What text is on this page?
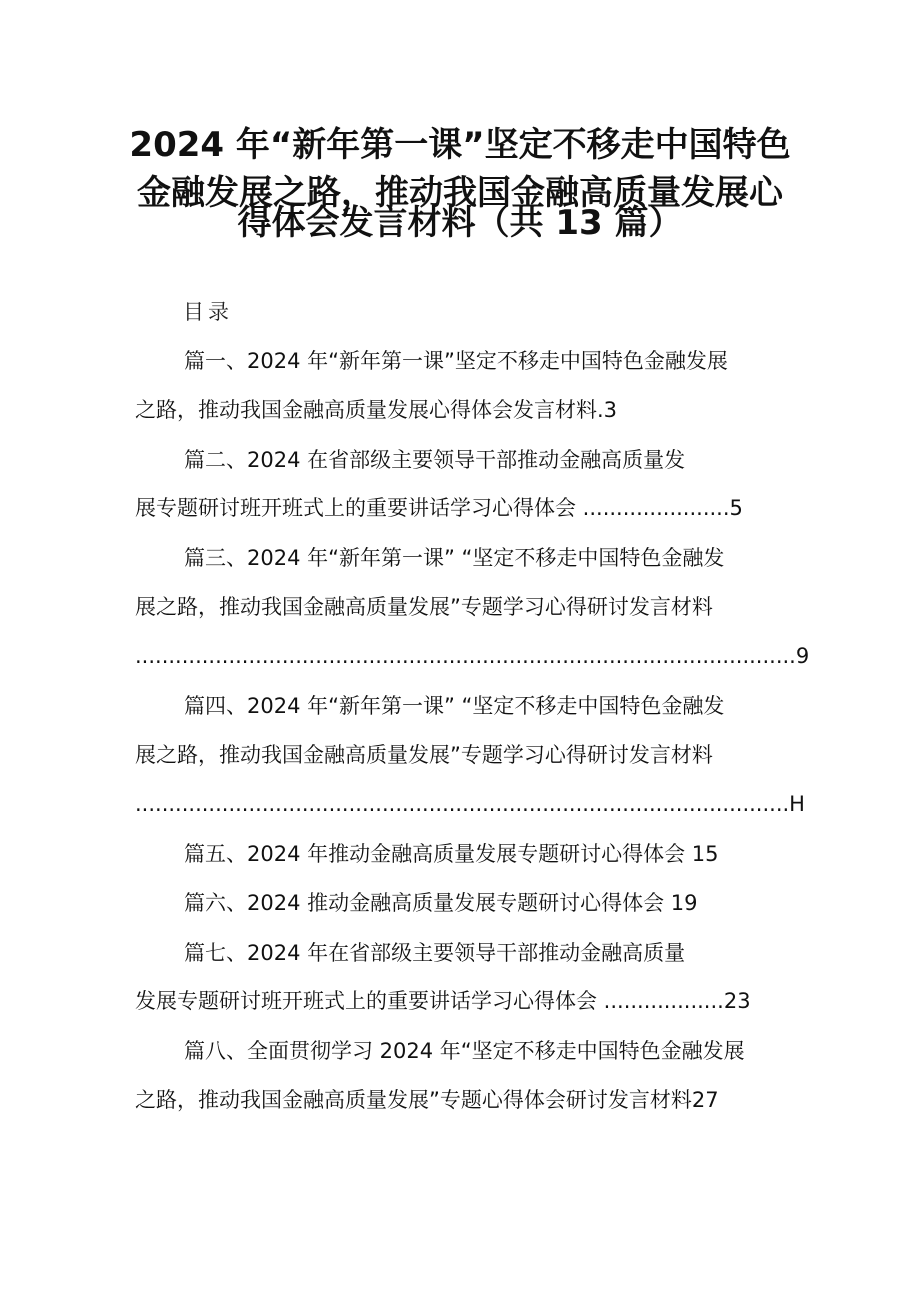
2024 年“新年第一课”坚定不移走中国特色
金融发展之路，推动我国金融高质量发展心
得体会发言材料（共 13 篇）
目录
篇一、2024 年“新年第一课”坚定不移走中国特色金融发展
之路，推动我国金融高质量发展心得体会发言材料.3
篇二、2024 在省部级主要领导干部推动金融高质量发
展专题研讨班开班式上的重要讲话学习心得体会 ......................5
篇三、2024 年“新年第一课” “坚定不移走中国特色金融发
展之路，推动我国金融高质量发展”专题学习心得研讨发言材料
...................................................................................................9
篇四、2024 年“新年第一课” “坚定不移走中国特色金融发
展之路，推动我国金融高质量发展”专题学习心得研讨发言材料
..................................................................................................H
篇五、2024 年推动金融高质量发展专题研讨心得体会 15
篇六、2024 推动金融高质量发展专题研讨心得体会 19
篇七、2024 年在省部级主要领导干部推动金融高质量
发展专题研讨班开班式上的重要讲话学习心得体会 ..................23
篇八、全面贯彻学习 2024 年“坚定不移走中国特色金融发展
之路，推动我国金融高质量发展”专题心得体会研讨发言材料27
